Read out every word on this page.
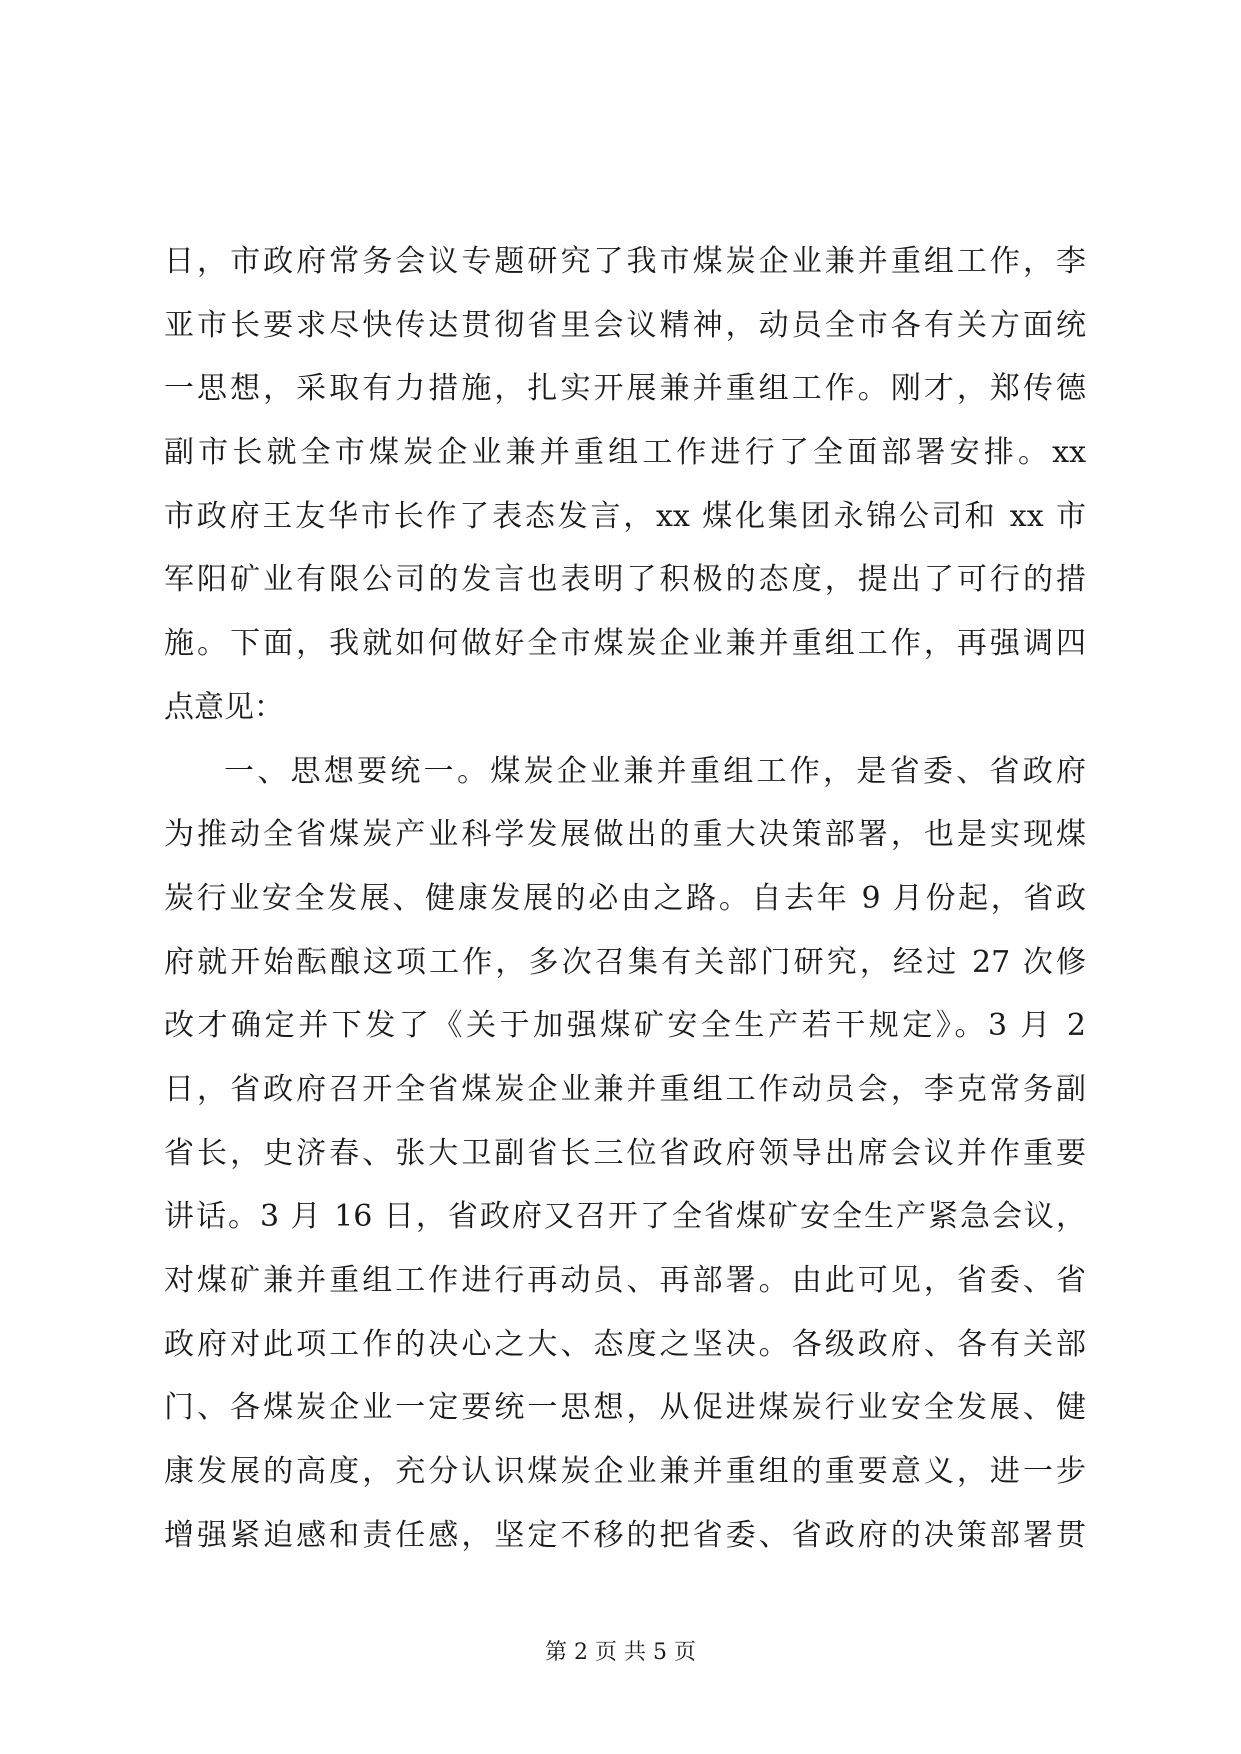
日，市政府常务会议专题研究了我市煤炭企业兼并重组工作，李
亚市长要求尽快传达贯彻省里会议精神，动员全市各有关方面统
一思想，采取有力措施，扎实开展兼并重组工作。刚才，郑传德
副市长就全市煤炭企业兼并重组工作进行了全面部署安排。xx
市政府王友华市长作了表态发言，xx 煤化集团永锦公司和 xx 市
军阳矿业有限公司的发言也表明了积极的态度，提出了可行的措
施。下面，我就如何做好全市煤炭企业兼并重组工作，再强调四
点意见：
一、思想要统一。煤炭企业兼并重组工作，是省委、省政府
为推动全省煤炭产业科学发展做出的重大决策部署，也是实现煤
炭行业安全发展、健康发展的必由之路。自去年 9 月份起，省政
府就开始酝酿这项工作，多次召集有关部门研究，经过 27 次修
改才确定并下发了《关于加强煤矿安全生产若干规定》。3 月 2
日，省政府召开全省煤炭企业兼并重组工作动员会，李克常务副
省长，史济春、张大卫副省长三位省政府领导出席会议并作重要
讲话。3 月 16 日，省政府又召开了全省煤矿安全生产紧急会议，
对煤矿兼并重组工作进行再动员、再部署。由此可见，省委、省
政府对此项工作的决心之大、态度之坚决。各级政府、各有关部
门、各煤炭企业一定要统一思想，从促进煤炭行业安全发展、健
康发展的高度，充分认识煤炭企业兼并重组的重要意义，进一步
增强紧迫感和责任感，坚定不移的把省委、省政府的决策部署贯
第 2 页 共 5 页
